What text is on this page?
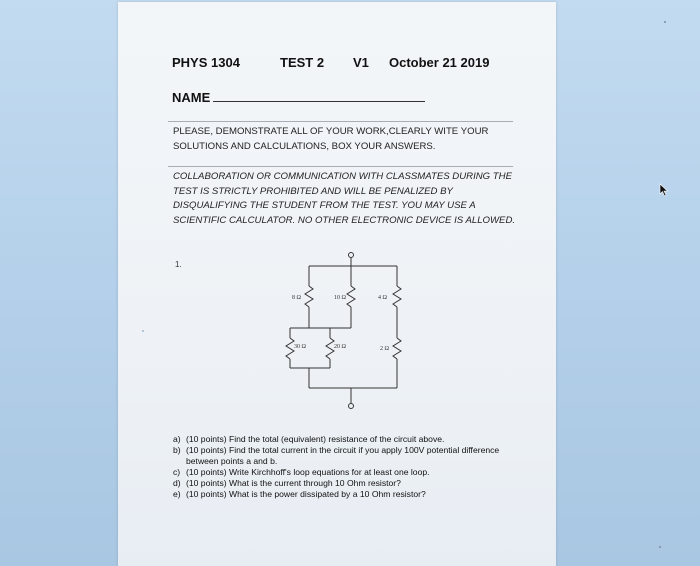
PHYS 1304	TEST 2 V1 October 21 2019
NAME
PLEASE, DEMONSTRATE ALL OF YOUR WORK,CLEARLY WITE YOUR SOLUTIONS AND CALCULATIONS, BOX YOUR ANSWERS.
COLLABORATION OR COMMUNICATION WITH CLASSMATES DURING THE TEST IS STRICTLY PROHIBITED AND WILL BE PENALIZED BY DISQUALIFYING THE STUDENT FROM THE TEST. YOU MAY USE A SCIENTIFIC CALCULATOR. NO OTHER ELECTRONIC DEVICE IS ALLOWED.
1.
8 Ω	10 Ω	4 Ω
30 Ω	20 Ω	2 Ω
a) (10 points) Find the total (equivalent) resistance of the circuit above.
b) (10 points) Find the total current in the circuit if you apply 100V potential difference between points a and b.
c) (10 points) Write Kirchhoff's loop equations for at least one loop.
d) (10 points) What is the current through 10 Ohm resistor?
e) (10 points) What is the power dissipated by a 10 Ohm resistor?
